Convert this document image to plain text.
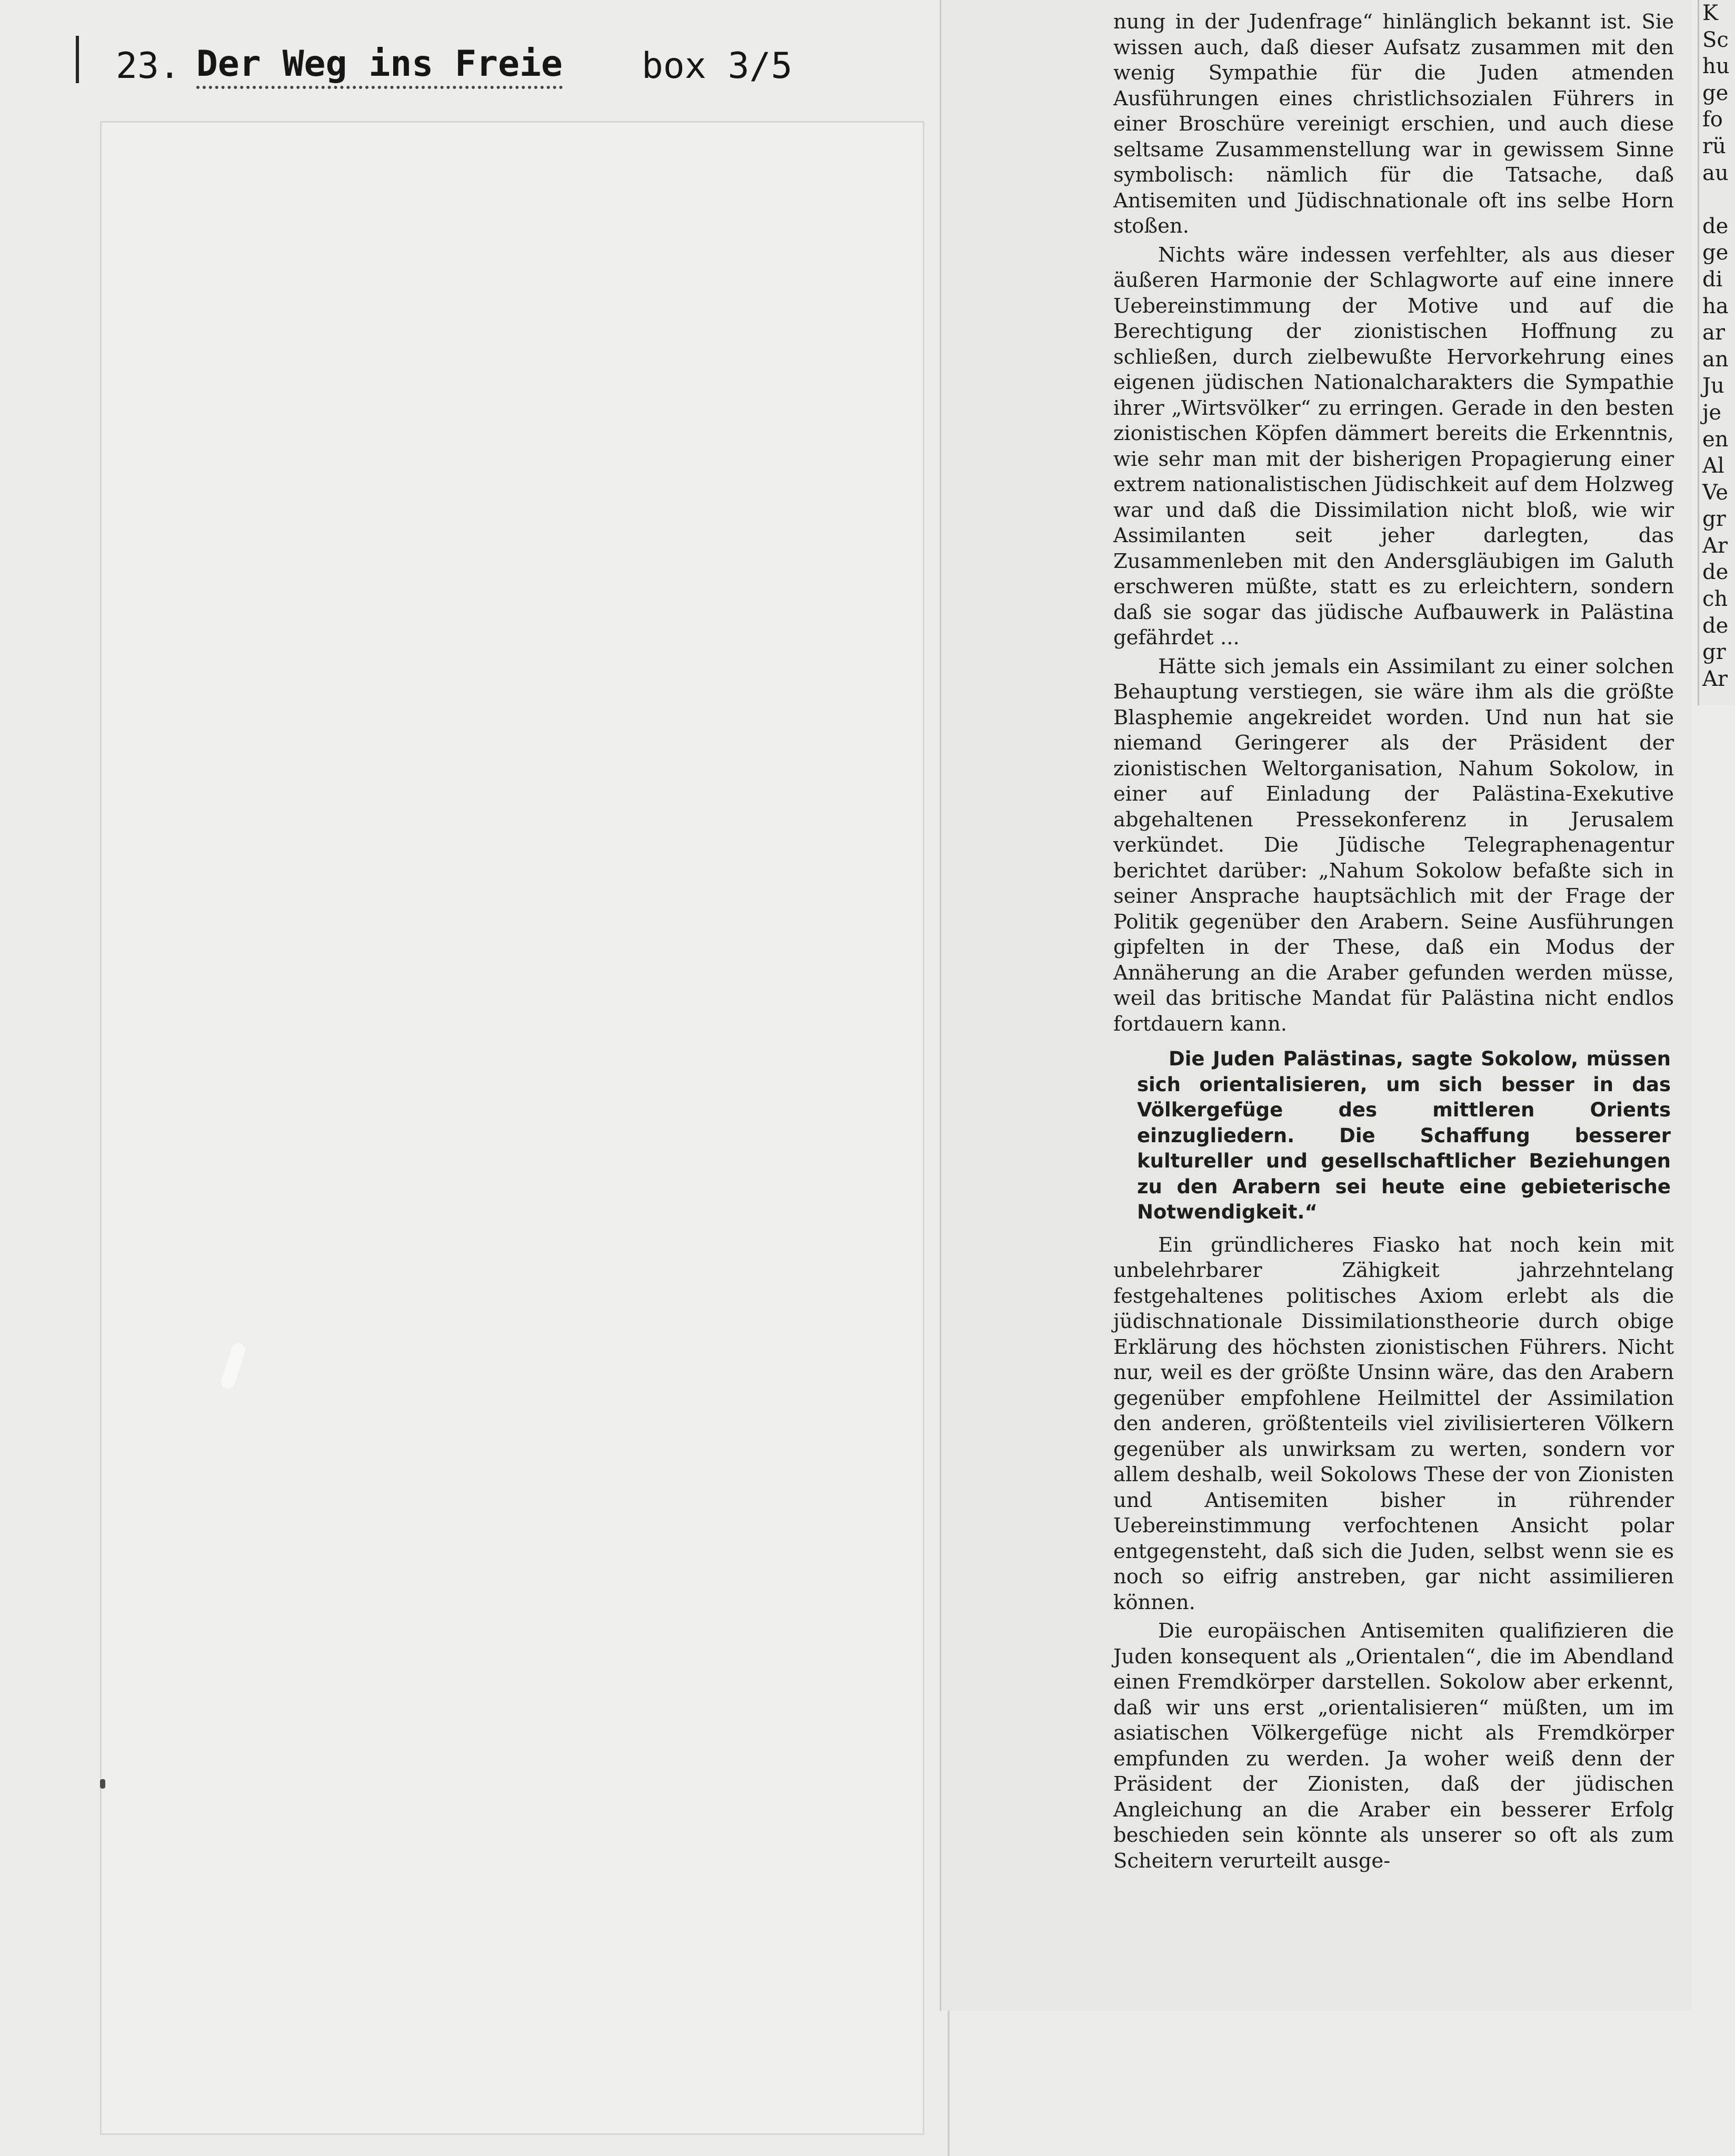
23. Der Weg ins Freie box 3/5

nung in der Judenfrage“ hinlänglich bekannt ist. Sie wissen auch, daß dieser Aufsatz zusammen mit den wenig Sympathie für die Juden atmenden Ausführungen eines christlichsozialen Führers in einer Broschüre vereinigt erschien, und auch diese seltsame Zusammenstellung war in gewissem Sinne symbolisch: nämlich für die Tatsache, daß Antisemiten und Jüdischnationale oft ins selbe Horn stoßen.

Nichts wäre indessen verfehlter, als aus dieser äußeren Harmonie der Schlagworte auf eine innere Uebereinstimmung der Motive und auf die Berechtigung der zionistischen Hoffnung zu schließen, durch zielbewußte Hervorkehrung eines eigenen jüdischen Nationalcharakters die Sympathie ihrer „Wirtsvölker“ zu erringen. Gerade in den besten zionistischen Köpfen dämmert bereits die Erkenntnis, wie sehr man mit der bisherigen Propagierung einer extrem nationalistischen Jüdischkeit auf dem Holzweg war und daß die Dissimilation nicht bloß, wie wir Assimilanten seit jeher darlegten, das Zusammenleben mit den Andersgläubigen im Galuth erschweren müßte, statt es zu erleichtern, sondern daß sie sogar das jüdische Aufbauwerk in Palästina gefährdet ...

Hätte sich jemals ein Assimilant zu einer solchen Behauptung verstiegen, sie wäre ihm als die größte Blasphemie angekreidet worden. Und nun hat sie niemand Geringerer als der Präsident der zionistischen Weltorganisation, Nahum Sokolow, in einer auf Einladung der Palästina-Exekutive abgehaltenen Pressekonferenz in Jerusalem verkündet. Die Jüdische Telegraphenagentur berichtet darüber: „Nahum Sokolow befaßte sich in seiner Ansprache hauptsächlich mit der Frage der Politik gegenüber den Arabern. Seine Ausführungen gipfelten in der These, daß ein Modus der Annäherung an die Araber gefunden werden müsse, weil das britische Mandat für Palästina nicht endlos fortdauern kann.

Die Juden Palästinas, sagte Sokolow, müssen sich orientalisieren, um sich besser in das Völkergefüge des mittleren Orients einzugliedern. Die Schaffung besserer kultureller und gesellschaftlicher Beziehungen zu den Arabern sei heute eine gebieterische Notwendigkeit.“

Ein gründlicheres Fiasko hat noch kein mit unbelehrbarer Zähigkeit jahrzehntelang festgehaltenes politisches Axiom erlebt als die jüdischnationale Dissimilationstheorie durch obige Erklärung des höchsten zionistischen Führers. Nicht nur, weil es der größte Unsinn wäre, das den Arabern gegenüber empfohlene Heilmittel der Assimilation den anderen, größtenteils viel zivilisierteren Völkern gegenüber als unwirksam zu werten, sondern vor allem deshalb, weil Sokolows These der von Zionisten und Antisemiten bisher in rührender Uebereinstimmung verfochtenen Ansicht polar entgegensteht, daß sich die Juden, selbst wenn sie es noch so eifrig anstreben, gar nicht assimilieren können.

Die europäischen Antisemiten qualifizieren die Juden konsequent als „Orientalen“, die im Abendland einen Fremdkörper darstellen. Sokolow aber erkennt, daß wir uns erst „orientalisieren“ müßten, um im asiatischen Völkergefüge nicht als Fremdkörper empfunden zu werden. Ja woher weiß denn der Präsident der Zionisten, daß der jüdischen Angleichung an die Araber ein besserer Erfolg beschieden sein könnte als unserer so oft als zum Scheitern verurteilt ausge-

K
Sc
hu
ge
fo
rü
au

de
ge
di
ha
ar
an
Ju
je
en
Al
Ve
gr
Ar
de
ch
de
gr
Ar
